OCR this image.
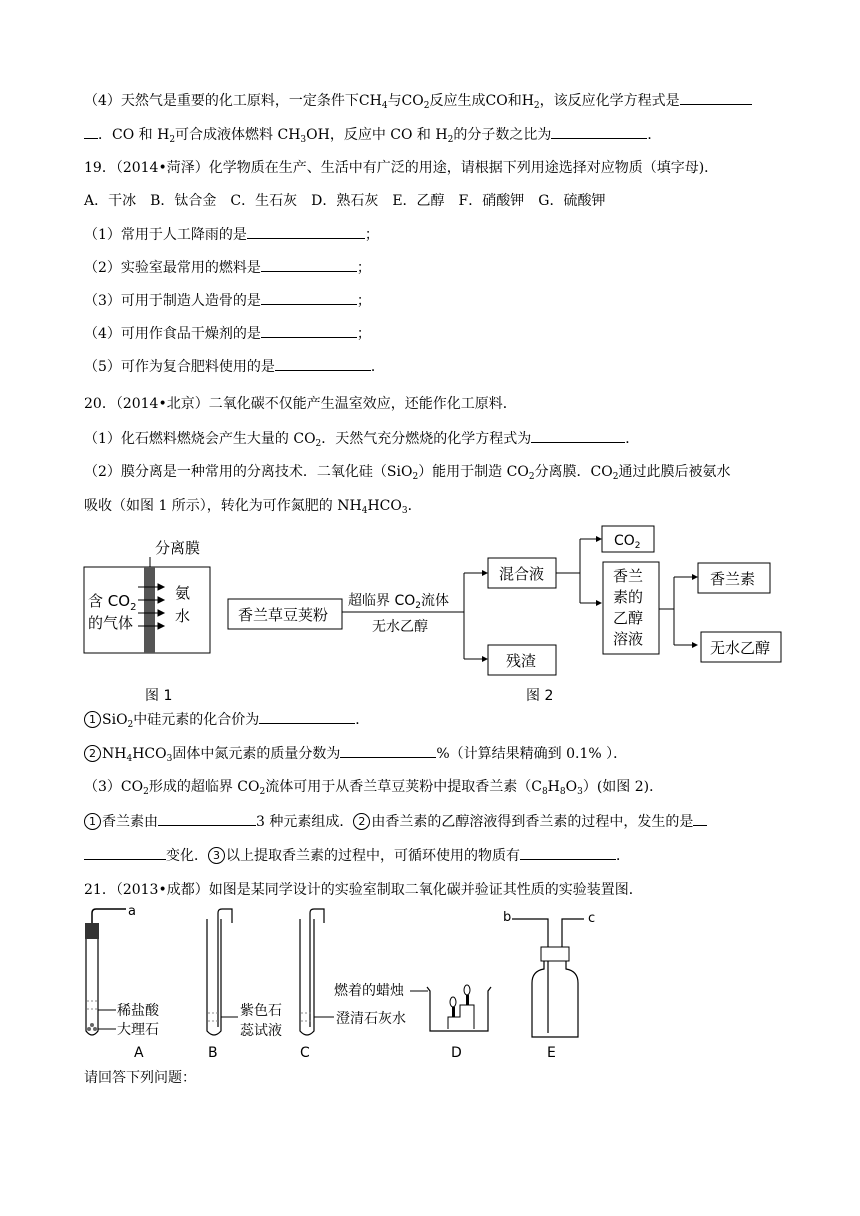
（4）天然气是重要的化工原料，一定条件下$CH_4$与$CO_2$反应生成CO和$H_2$，该反应化学方程式是
．CO 和 $H_2$可合成液体燃料 $CH_3OH$，反应中 CO 和 $H_2$的分子数之比为	．
19．（2014•菏泽）化学物质在生产、生活中有广泛的用途，请根据下列用途选择对应物质（填字母)．
A．干冰　B．钛合金　C．生石灰　D．熟石灰　E．乙醇　F．硝酸钾　G．硫酸钾
（1）常用于人工降雨的是	；
（2）实验室最常用的燃料是	；
（3）可用于制造人造骨的是	；
（4）可用作食品干燥剂的是	；
（5）可作为复合肥料使用的是	．
20．（2014•北京）二氧化碳不仅能产生温室效应，还能作化工原料．
（1）化石燃料燃烧会产生大量的 $CO_2$．天然气充分燃烧的化学方程式为	．
（2）膜分离是一种常用的分离技术．二氧化硅（SiO$_2$）能用于制造 $CO_2$分离膜．$CO_2$通过此膜后被氨水
吸收（如图 1 所示），转化为可作氮肥的 $NH_4HCO_3$．
分离膜
含 $CO_2$
的气体
氨
水
图 1
香兰草豆荚粉
超临界 $CO_2$流体
无水乙醇
混合液
残渣
$CO_2$
香兰
素的
乙醇
溶液
香兰素
无水乙醇
图 2
1 SiO$_2$中硅元素的化合价为	．
2 $NH_4HCO_3$固体中氮元素的质量分数为	%（计算结果精确到 0.1% ）．
$(3)CO_2$形成的超临界 $CO_2$流体可用于从香兰草豆荚粉中提取香兰素$(C_8H_8O_3)$(如图 2)．
1 香兰素由	3 种元素组成． 2 由香兰素的乙醇溶液得到香兰素的过程中，发生的是
变化． 3 以上提取香兰素的过程中，可循环使用的物质有	．
21．（2013•成都）如图是某同学设计的实验室制取二氧化碳并验证其性质的实验装置图．
a
稀盐酸
大理石
A
紫色石
蕊试液
B	C
燃着的蜡烛
澄清石灰水
D
b	c
E
请回答下列问题：
